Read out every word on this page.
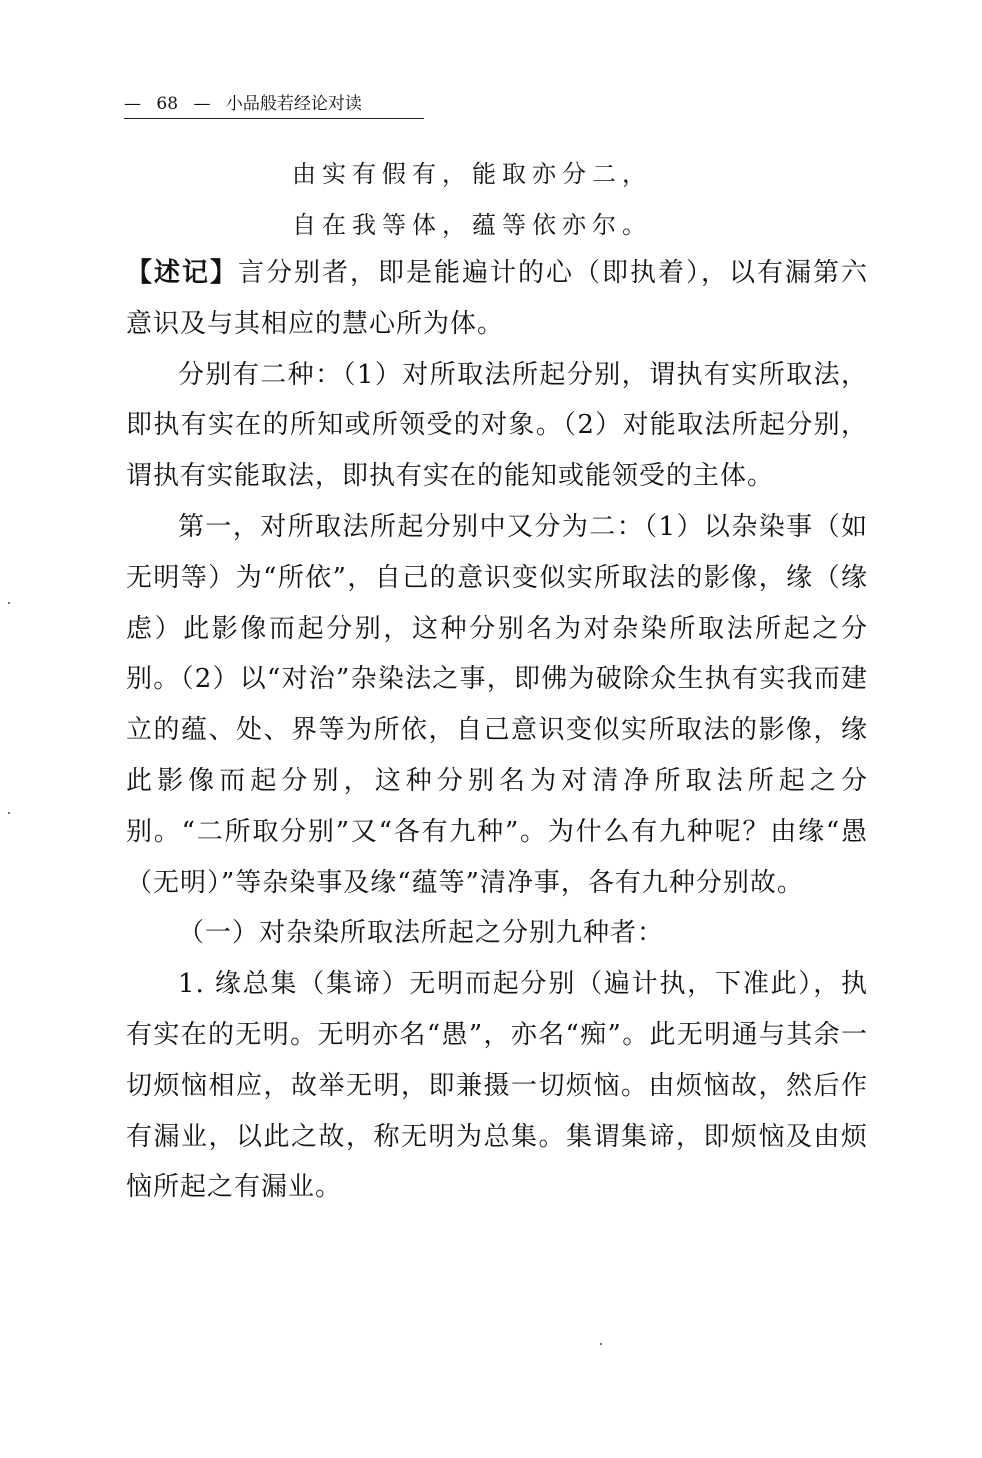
— 68 — 小品般若经论对读
由实有假有，能取亦分二，
自在我等体，蕴等依亦尔。

【述记】言分别者，即是能遍计的心（即执着），以有漏第六意识及与其相应的慧心所为体。

分别有二种：（1）对所取法所起分别，谓执有实所取法，即执有实在的所知或所领受的对象。（2）对能取法所起分别，谓执有实能取法，即执有实在的能知或能领受的主体。

第一，对所取法所起分别中又分为二：（1）以杂染事（如无明等）为“所依”，自己的意识变似实所取法的影像，缘（缘虑）此影像而起分别，这种分别名为对杂染所取法所起之分别。（2）以“对治”杂染法之事，即佛为破除众生执有实我而建立的蕴、处、界等为所依，自己意识变似实所取法的影像，缘此影像而起分别，这种分别名为对清净所取法所起之分别。“二所取分别”又“各有九种”。为什么有九种呢？由缘“愚（无明）”等杂染事及缘“蕴等”清净事，各有九种分别故。

（一）对杂染所取法所起之分别九种者：

1. 缘总集（集谛）无明而起分别（遍计执，下准此），执有实在的无明。无明亦名“愚”，亦名“痴”。此无明通与其余一切烦恼相应，故举无明，即兼摄一切烦恼。由烦恼故，然后作有漏业，以此之故，称无明为总集。集谓集谛，即烦恼及由烦恼所起之有漏业。
